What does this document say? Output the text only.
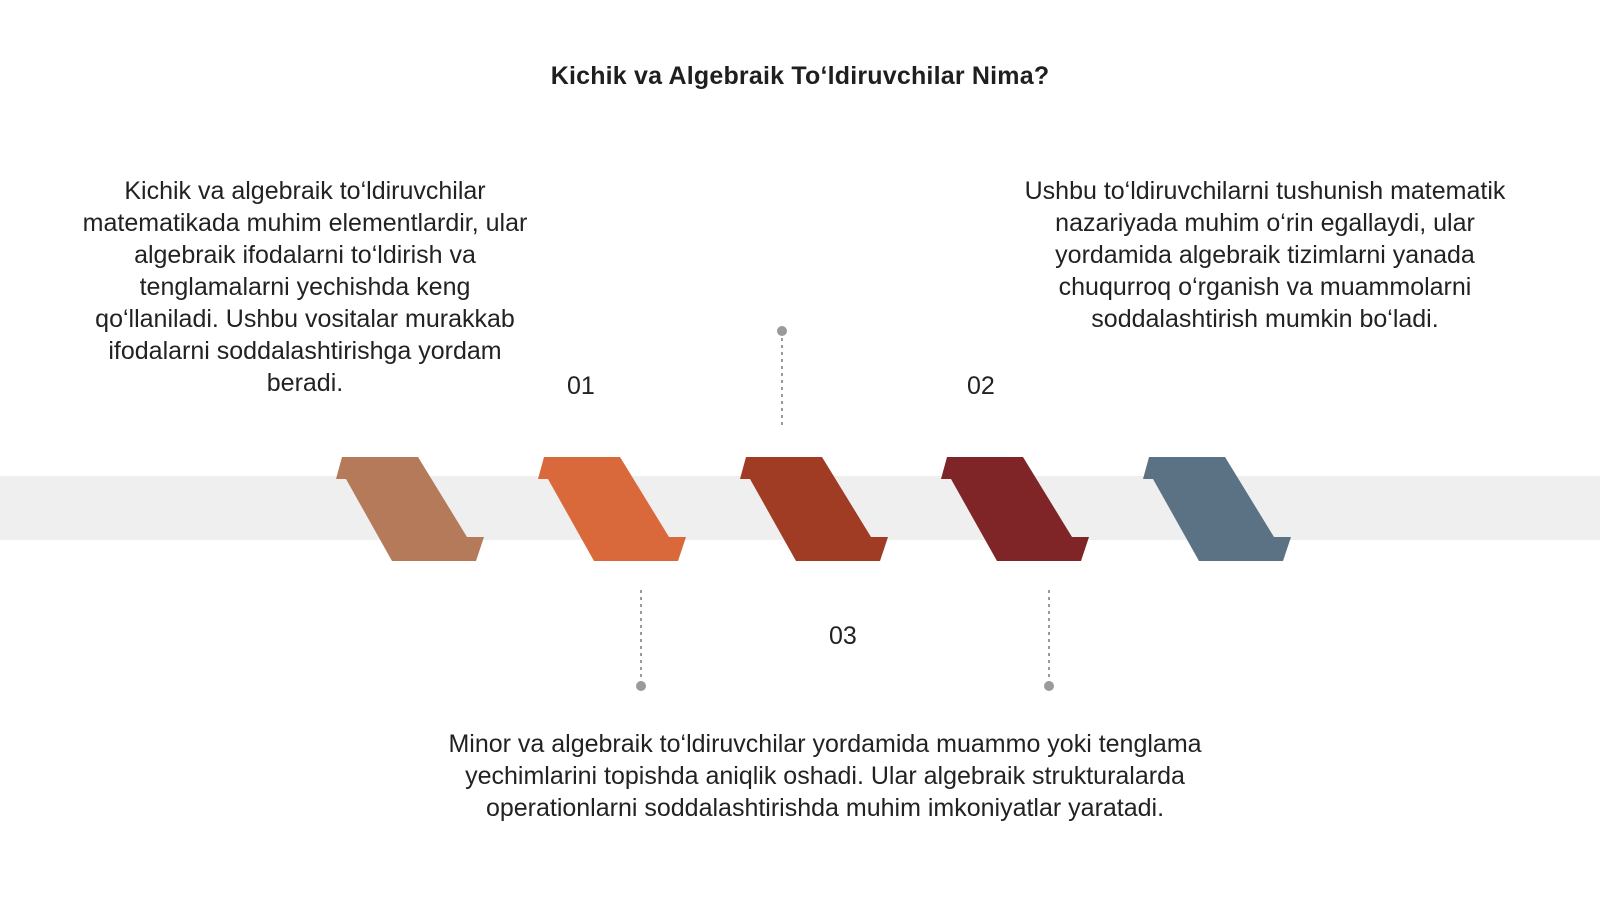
Kichik va Algebraik To‘ldiruvchilar Nima?
Kichik va algebraik to‘ldiruvchilar matematikada muhim elementlardir, ular algebraik ifodalarni to‘ldirish va tenglamalarni yechishda keng qo‘llaniladi. Ushbu vositalar murakkab ifodalarni soddalashtirishga yordam beradi.	01
Ushbu to‘ldiruvchilarni tushunish matematik nazariyada muhim o‘rin egallaydi, ular yordamida algebraik tizimlarni yanada chuqurroq o‘rganish va muammolarni soddalashtirish mumkin bo‘ladi.
02
Minor va algebraik to‘ldiruvchilar yordamida muammo yoki tenglama yechimlarini topishda aniqlik oshadi. Ular algebraik strukturalarda operationlarni soddalashtirishda muhim imkoniyatlar yaratadi.
03
